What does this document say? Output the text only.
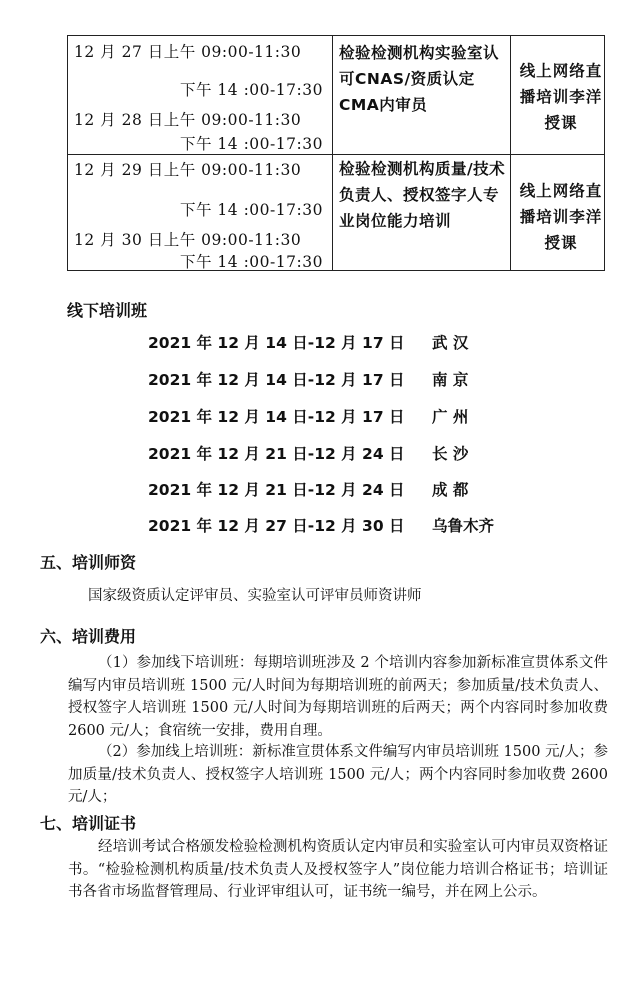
12 月 27 日上午 09:00-11:30
下午 14 :00-17:30
12 月 28 日上午 09:00-11:30
下午 14 :00-17:30
检验检测机构实验室认可CNAS/资质认定CMA内审员
线上网络直播培训李洋授课
12 月 29 日上午 09:00-11:30
下午 14 :00-17:30
12 月 30 日上午 09:00-11:30
下午 14 :00-17:30
检验检测机构质量/技术负责人、授权签字人专业岗位能力培训
线上网络直播培训李洋授课
线下培训班
2021 年 12 月 14 日-12 月 17 日 武 汉
2021 年 12 月 14 日-12 月 17 日 南 京
2021 年 12 月 14 日-12 月 17 日 广 州
2021 年 12 月 21 日-12 月 24 日 长 沙
2021 年 12 月 21 日-12 月 24 日 成 都
2021 年 12 月 27 日-12 月 30 日 乌鲁木齐
五、培训师资
国家级资质认定评审员、实验室认可评审员师资讲师
六、培训费用
（1）参加线下培训班：每期培训班涉及 2 个培训内容参加新标准宣贯体系文件编写内审员培训班 1500 元/人时间为每期培训班的前两天；参加质量/技术负责人、授权签字人培训班 1500 元/人时间为每期培训班的后两天；两个内容同时参加收费 2600 元/人；食宿统一安排，费用自理。
（2）参加线上培训班：新标准宣贯体系文件编写内审员培训班 1500 元/人；参加质量/技术负责人、授权签字人培训班 1500 元/人；两个内容同时参加收费 2600 元/人；
七、培训证书
经培训考试合格颁发检验检测机构资质认定内审员和实验室认可内审员双资格证书。“检验检测机构质量/技术负责人及授权签字人”岗位能力培训合格证书；培训证书各省市场监督管理局、行业评审组认可，证书统一编号，并在网上公示。
